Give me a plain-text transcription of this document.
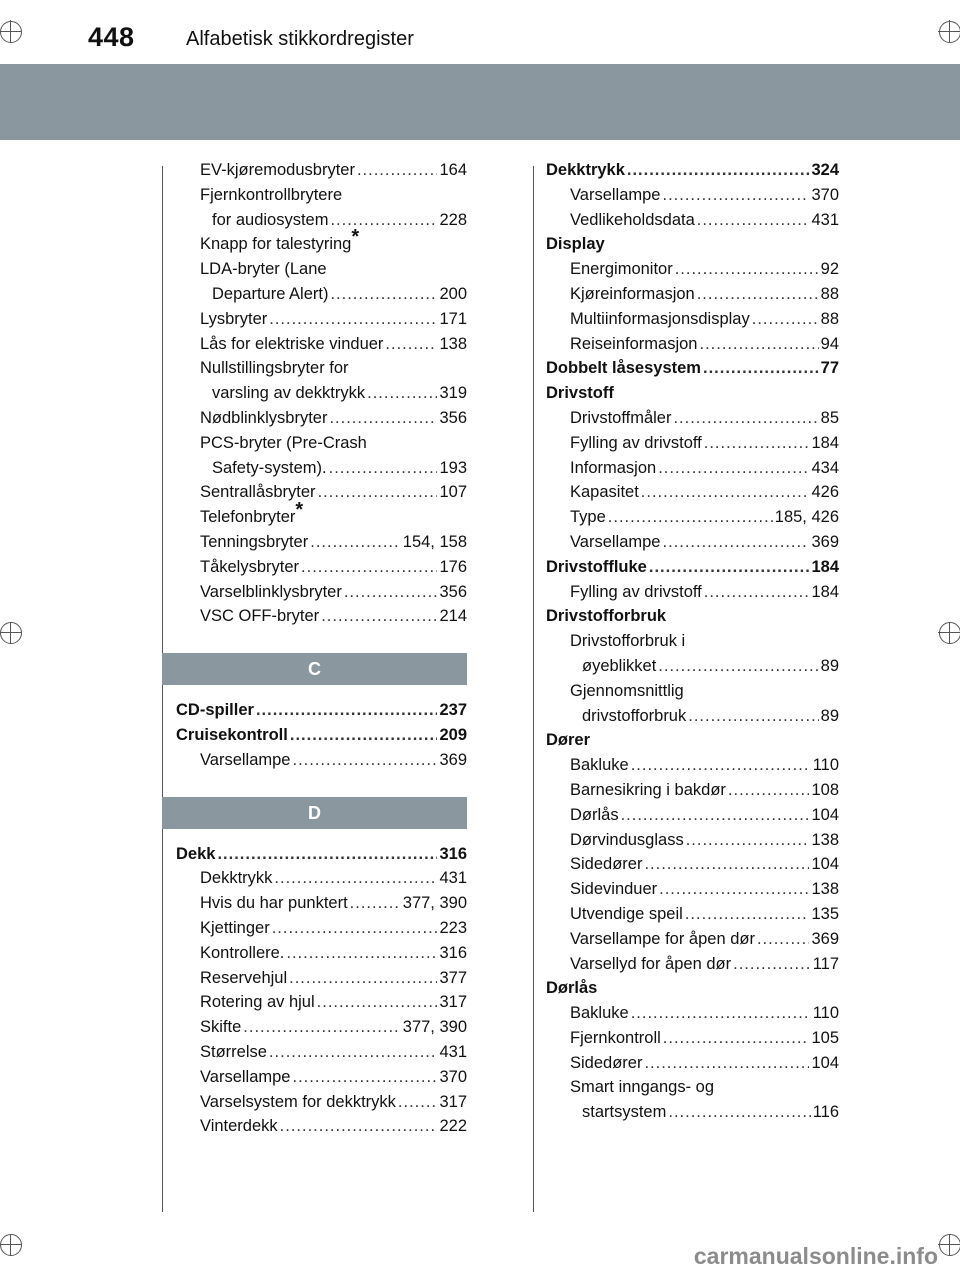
448	Alfabetisk stikkordregister
EV-kjøremodusbryter .....	164
Fjernkontrollbrytere
for audiosystem .....	228
Knapp for talestyring*
LDA-bryter (Lane
Departure Alert) .....	200
Lysbryter .....	171
Lås for elektriske vinduer .....	138
Nullstillingsbryter for
varsling av dekktrykk .....	319
Nødblinklysbryter .....	356
PCS-bryter (Pre-Crash
Safety-system). .....	193
Sentrallåsbryter .....	107
Telefonbryter*
Tenningsbryter .....	154, 158
Tåkelysbryter .....	176
Varselblinklysbryter .....	356
VSC OFF-bryter .....	214
C
CD-spiller .....	237
Cruisekontroll .....	209
Varsellampe .....	369
D
Dekk .....	316
Dekktrykk .....	431
Hvis du har punktert .....	377, 390
Kjettinger .....	223
Kontrollere. .....	316
Reservehjul .....	377
Rotering av hjul .....	317
Skifte .....	377, 390
Størrelse .....	431
Varsellampe .....	370
Varselsystem for dekktrykk .....	317
Vinterdekk .....	222
Dekktrykk .....	324
Varsellampe .....	370
Vedlikeholdsdata .....	431
Display
Energimonitor .....	92
Kjøreinformasjon .....	88
Multiinformasjonsdisplay .....	88
Reiseinformasjon .....	94
Dobbelt låsesystem .....	77
Drivstoff
Drivstoffmåler .....	85
Fylling av drivstoff .....	184
Informasjon .....	434
Kapasitet .....	426
Type .....	185, 426
Varsellampe .....	369
Drivstoffluke .....	184
Fylling av drivstoff .....	184
Drivstofforbruk
Drivstofforbruk i
øyeblikket .....	89
Gjennomsnittlig
drivstofforbruk .....	89
Dører
Bakluke .....	110
Barnesikring i bakdør .....	108
Dørlås .....	104
Dørvindusglass .....	138
Sidedører .....	104
Sidevinduer .....	138
Utvendige speil .....	135
Varsellampe for åpen dør .....	369
Varsellyd for åpen dør .....	117
Dørlås
Bakluke .....	110
Fjernkontroll .....	105
Sidedører .....	104
Smart inngangs- og
startsystem .....	116
carmanualsonline.info
